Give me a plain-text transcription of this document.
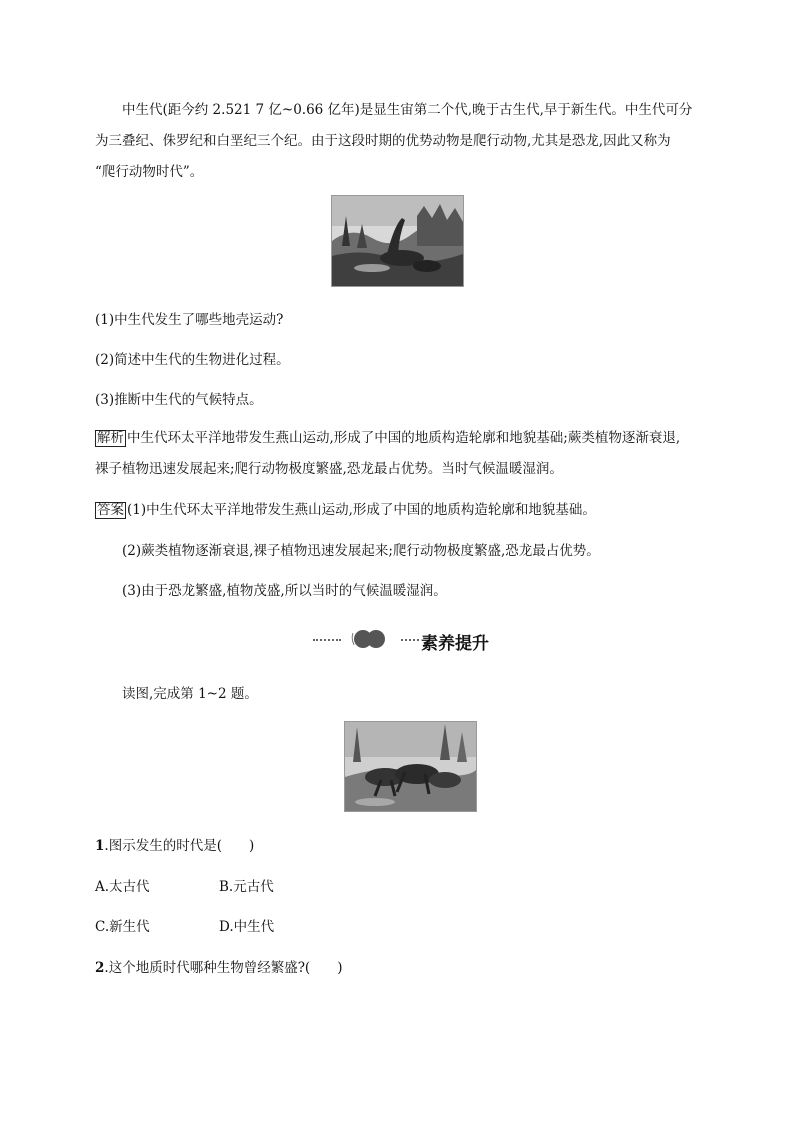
中生代(距今约 2.521 7 亿~0.66 亿年)是显生宙第二个代,晚于古生代,早于新生代。中生代可分
为三叠纪、侏罗纪和白垩纪三个纪。由于这段时期的优势动物是爬行动物,尤其是恐龙,因此又称为
“爬行动物时代”。
(1)中生代发生了哪些地壳运动?
(2)简述中生代的生物进化过程。
(3)推断中生代的气候特点。
解析 中生代环太平洋地带发生燕山运动,形成了中国的地质构造轮廓和地貌基础;蕨类植物逐渐衰退,
裸子植物迅速发展起来;爬行动物极度繁盛,恐龙最占优势。当时气候温暖湿润。
答案 (1)中生代环太平洋地带发生燕山运动,形成了中国的地质构造轮廓和地貌基础。
(2)蕨类植物逐渐衰退,裸子植物迅速发展起来;爬行动物极度繁盛,恐龙最占优势。
(3)由于恐龙繁盛,植物茂盛,所以当时的气候温暖湿润。
素养提升
读图,完成第 1~2 题。
1.图示发生的时代是(　　)
A.太古代	B.元古代
C.新生代	D.中生代
2.这个地质时代哪种生物曾经繁盛?(　　)
